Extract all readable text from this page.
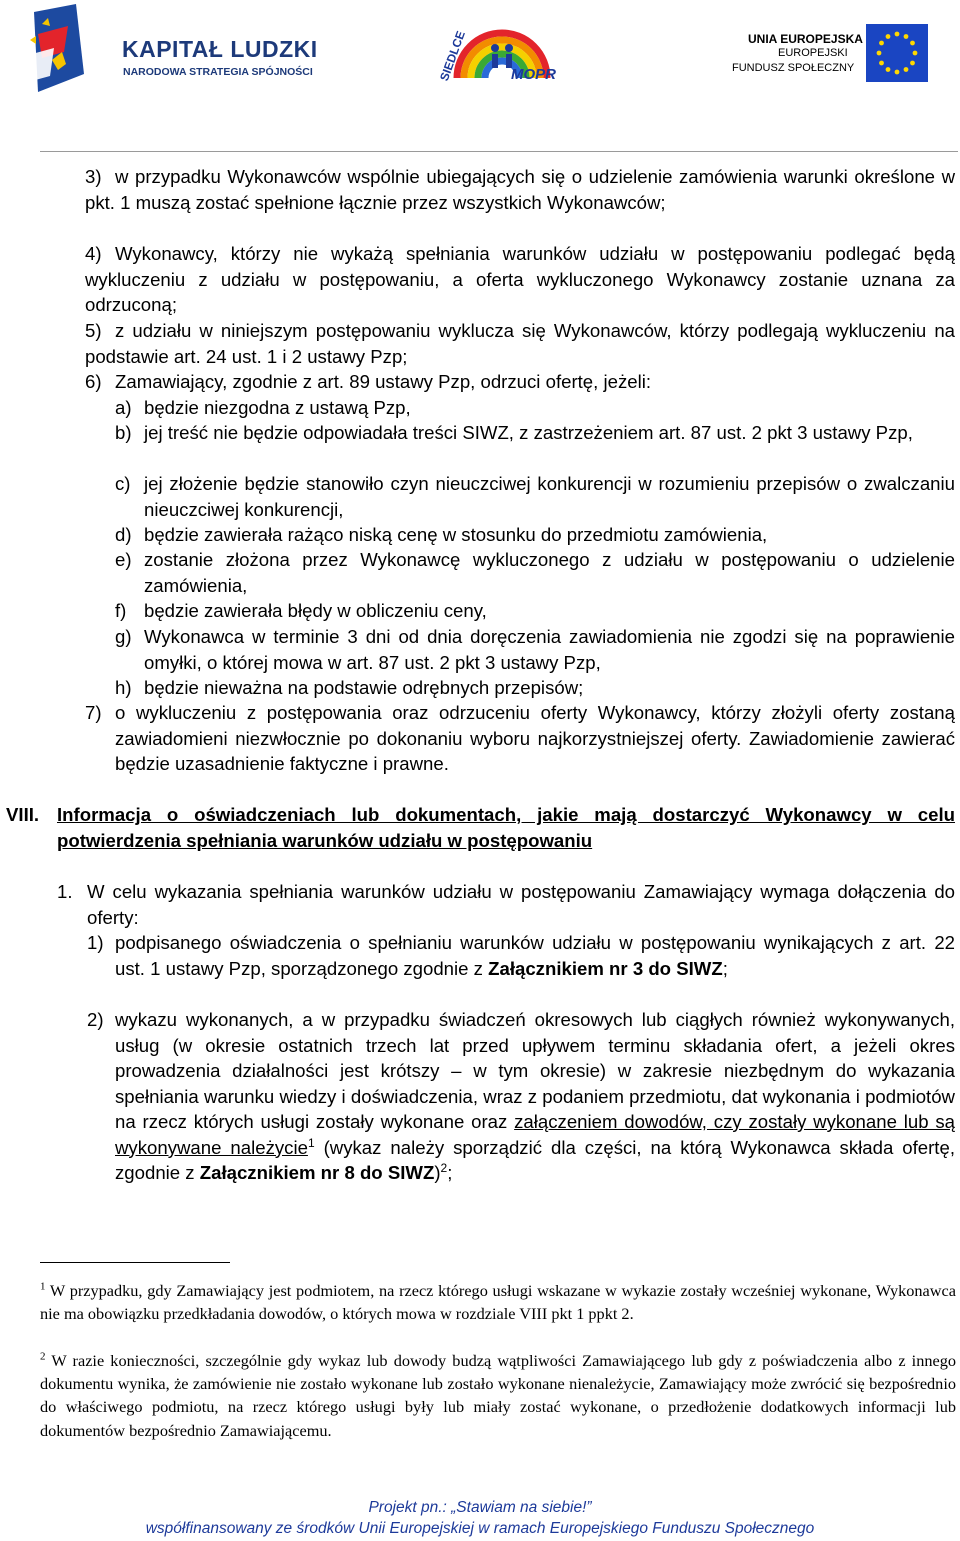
KAPITAŁ LUDZKI
NARODOWA STRATEGIA SPÓJNOŚCI	SIEDLCE	MOPR
UNIA EUROPEJSKA
EUROPEJSKI
FUNDUSZ SPOŁECZNY
3) w przypadku Wykonawców wspólnie ubiegających się o udzielenie zamówienia warunki określone w pkt. 1 muszą zostać spełnione łącznie przez wszystkich Wykonawców;
4) Wykonawcy, którzy nie wykażą spełniania warunków udziału w postępowaniu podlegać będą wykluczeniu z udziału w postępowaniu, a oferta wykluczonego Wykonawcy zostanie uznana za odrzuconą;
5) z udziału w niniejszym postępowaniu wyklucza się Wykonawców, którzy podlegają wykluczeniu na podstawie art. 24 ust. 1 i 2 ustawy Pzp;
6) Zamawiający, zgodnie z art. 89 ustawy Pzp, odrzuci ofertę, jeżeli:
a) będzie niezgodna z ustawą Pzp,
b) jej treść nie będzie odpowiadała treści SIWZ, z zastrzeżeniem art. 87 ust. 2 pkt 3 ustawy Pzp,
c) jej złożenie będzie stanowiło czyn nieuczciwej konkurencji w rozumieniu przepisów o zwalczaniu nieuczciwej konkurencji,
d) będzie zawierała rażąco niską cenę w stosunku do przedmiotu zamówienia,
e) zostanie złożona przez Wykonawcę wykluczonego z udziału w postępowaniu o udzielenie zamówienia,
f) będzie zawierała błędy w obliczeniu ceny,
g) Wykonawca w terminie 3 dni od dnia doręczenia zawiadomienia nie zgodzi się na poprawienie omyłki, o której mowa w art. 87 ust. 2 pkt 3 ustawy Pzp,
h) będzie nieważna na podstawie odrębnych przepisów;
7) o wykluczeniu z postępowania oraz odrzuceniu oferty Wykonawcy, którzy złożyli oferty zostaną zawiadomieni niezwłocznie po dokonaniu wyboru najkorzystniejszej oferty. Zawiadomienie zawierać będzie uzasadnienie faktyczne i prawne.
VIII. Informacja o oświadczeniach lub dokumentach, jakie mają dostarczyć Wykonawcy w celu potwierdzenia spełniania warunków udziału w postępowaniu
1. W celu wykazania spełniania warunków udziału w postępowaniu Zamawiający wymaga dołączenia do oferty:
1) podpisanego oświadczenia o spełnianiu warunków udziału w postępowaniu wynikających z art. 22 ust. 1 ustawy Pzp, sporządzonego zgodnie z Załącznikiem nr 3 do SIWZ;
2) wykazu wykonanych, a w przypadku świadczeń okresowych lub ciągłych również wykonywanych, usług (w okresie ostatnich trzech lat przed upływem terminu składania ofert, a jeżeli okres prowadzenia działalności jest krótszy – w tym okresie) w zakresie niezbędnym do wykazania spełniania warunku wiedzy i doświadczenia, wraz z podaniem przedmiotu, dat wykonania i podmiotów na rzecz których usługi zostały wykonane oraz załączeniem dowodów, czy zostały wykonane lub są wykonywane należycie$^1$ (wykaz należy sporządzić dla części, na którą Wykonawca składa ofertę, zgodnie z Załącznikiem nr 8 do SIWZ)$^2$;
$^1$ W przypadku, gdy Zamawiający jest podmiotem, na rzecz którego usługi wskazane w wykazie zostały wcześniej wykonane, Wykonawca nie ma obowiązku przedkładania dowodów, o których mowa w rozdziale VIII pkt 1 ppkt 2.
$^2$ W razie konieczności, szczególnie gdy wykaz lub dowody budzą wątpliwości Zamawiającego lub gdy z poświadczenia albo z innego dokumentu wynika, że zamówienie nie zostało wykonane lub zostało wykonane nienależycie, Zamawiający może zwrócić się bezpośrednio do właściwego podmiotu, na rzecz którego usługi były lub miały zostać wykonane, o przedłożenie dodatkowych informacji lub dokumentów bezpośrednio Zamawiającemu.
Projekt pn.: „Stawiam na siebie!”
współfinansowany ze środków Unii Europejskiej w ramach Europejskiego Funduszu Społecznego
